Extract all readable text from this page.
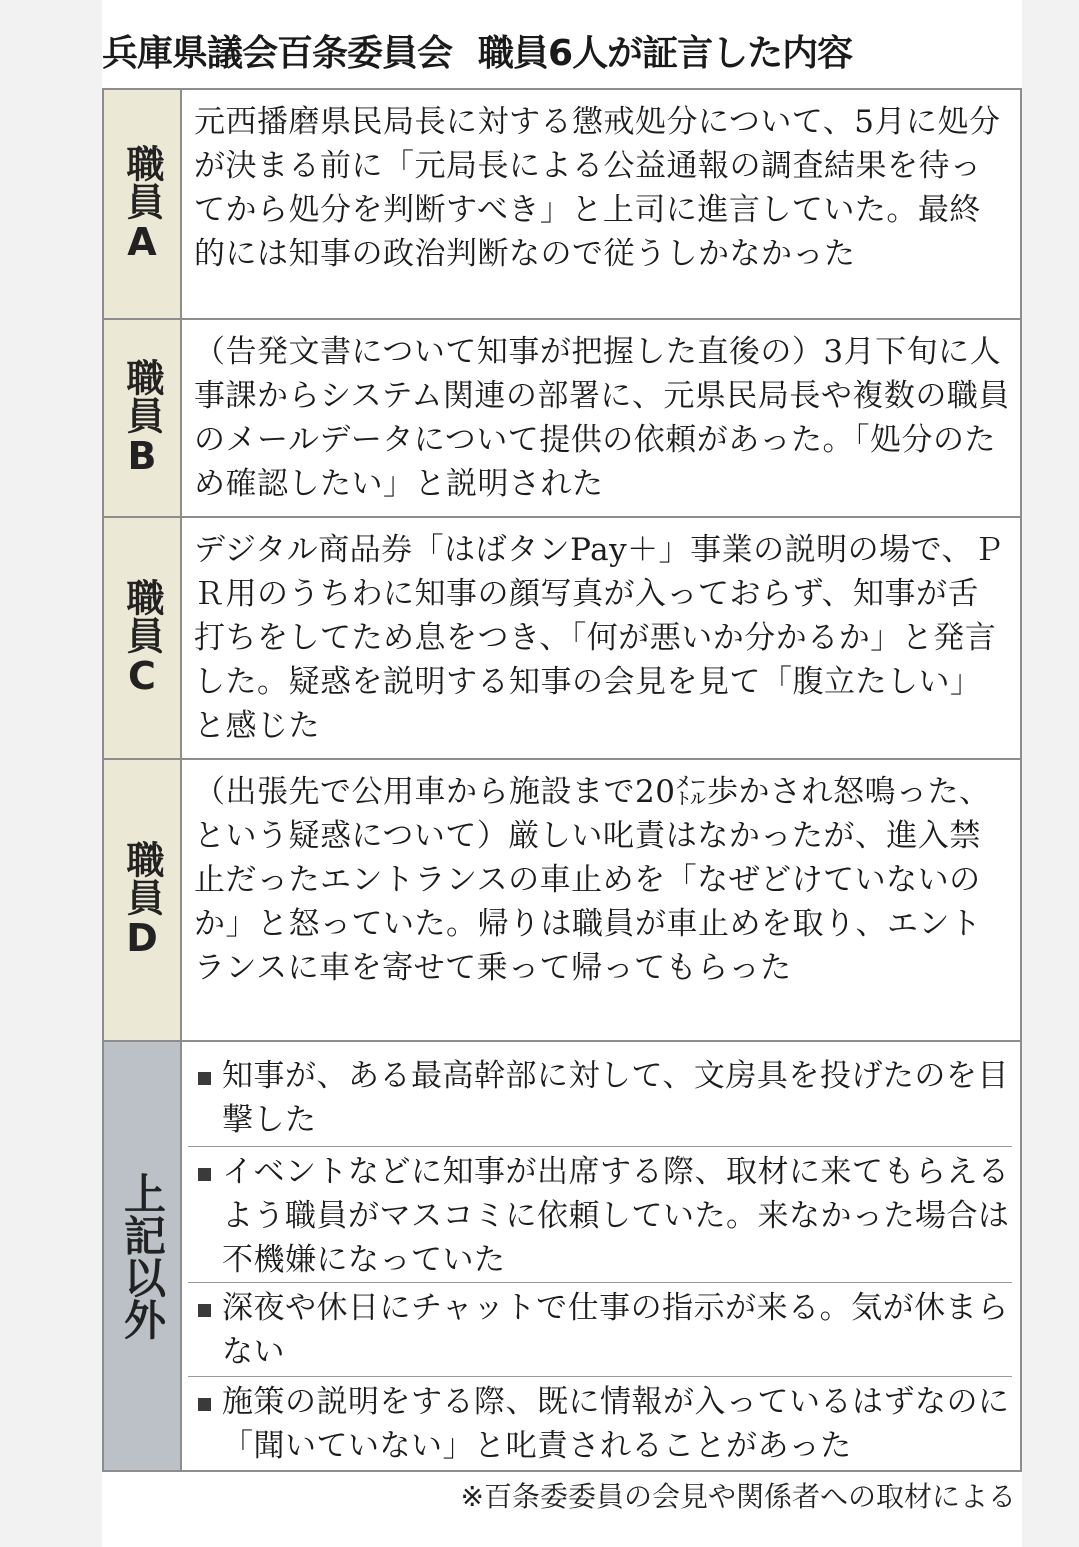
兵庫県議会百条委員会 職員6人が証言した内容
職員A
元西播磨県民局長に対する懲戒処分について、5月に処分が決まる前に「元局長による公益通報の調査結果を待ってから処分を判断すべき」と上司に進言していた。最終的には知事の政治判断なので従うしかなかった
職員B
（告発文書について知事が把握した直後の）3月下旬に人事課からシステム関連の部署に、元県民局長や複数の職員のメールデータについて提供の依頼があった。「処分のため確認したい」と説明された
職員C
デジタル商品券「はばタンPay＋」事業の説明の場で、ＰＲ用のうちわに知事の顔写真が入っておらず、知事が舌打ちをしてため息をつき、「何が悪いか分かるか」と発言した。疑惑を説明する知事の会見を見て「腹立たしい」と感じた
職員D
（出張先で公用車から施設まで20㍍歩かされ怒鳴った、という疑惑について）厳しい叱責はなかったが、進入禁止だったエントランスの車止めを「なぜどけていないのか」と怒っていた。帰りは職員が車止めを取り、エントランスに車を寄せて乗って帰ってもらった
上記以外
知事が、ある最高幹部に対して、文房具を投げたのを目撃した
イベントなどに知事が出席する際、取材に来てもらえるよう職員がマスコミに依頼していた。来なかった場合は不機嫌になっていた
深夜や休日にチャットで仕事の指示が来る。気が休まらない
施策の説明をする際、既に情報が入っているはずなのに「聞いていない」と叱責されることがあった
※百条委委員の会見や関係者への取材による
